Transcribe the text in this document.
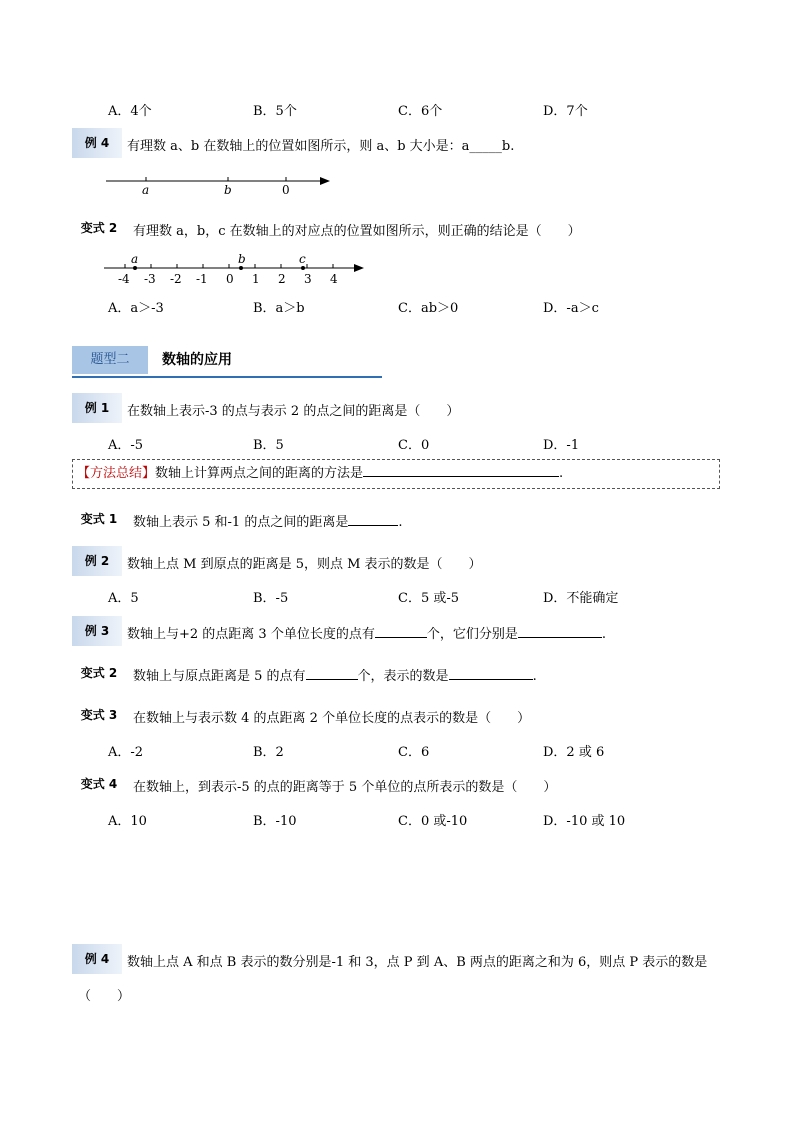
A．4个	B．5个	C．6个	D．7个
例 4	有理数 a、b 在数轴上的位置如图所示，则 a、b 大小是：a_____b.
a	b	0
变式 2	有理数 a，b，c 在数轴上的对应点的位置如图所示，则正确的结论是（　　）
-4 -3 -2 -1 0 1 2 3 4
a	b	c
A．a＞-3	B．a＞b	C．ab＞0	D．-a＞c
题型二	数轴的应用
例 1	在数轴上表示-3 的点与表示 2 的点之间的距离是（　　）
A．-5	B．5	C．0	D．-1
【方法总结】数轴上计算两点之间的距离的方法是	.
变式 1	数轴上表示 5 和-1 的点之间的距离是	.
例 2	数轴上点 M 到原点的距离是 5，则点 M 表示的数是（　　）
A．5	B．-5	C．5 或-5	D．不能确定
例 3	数轴上与+2 的点距离 3 个单位长度的点有	个，它们分别是	.
变式 2	数轴上与原点距离是 5 的点有	个，表示的数是	.
变式 3	在数轴上与表示数 4 的点距离 2 个单位长度的点表示的数是（　　）
A．-2	B．2	C．6	D．2 或 6
变式 4	在数轴上，到表示-5 的点的距离等于 5 个单位的点所表示的数是（　　）
A．10	B．-10	C．0 或-10	D．-10 或 10
例 4	数轴上点 A 和点 B 表示的数分别是-1 和 3，点 P 到 A、B 两点的距离之和为 6，则点 P 表示的数是
（　　）
